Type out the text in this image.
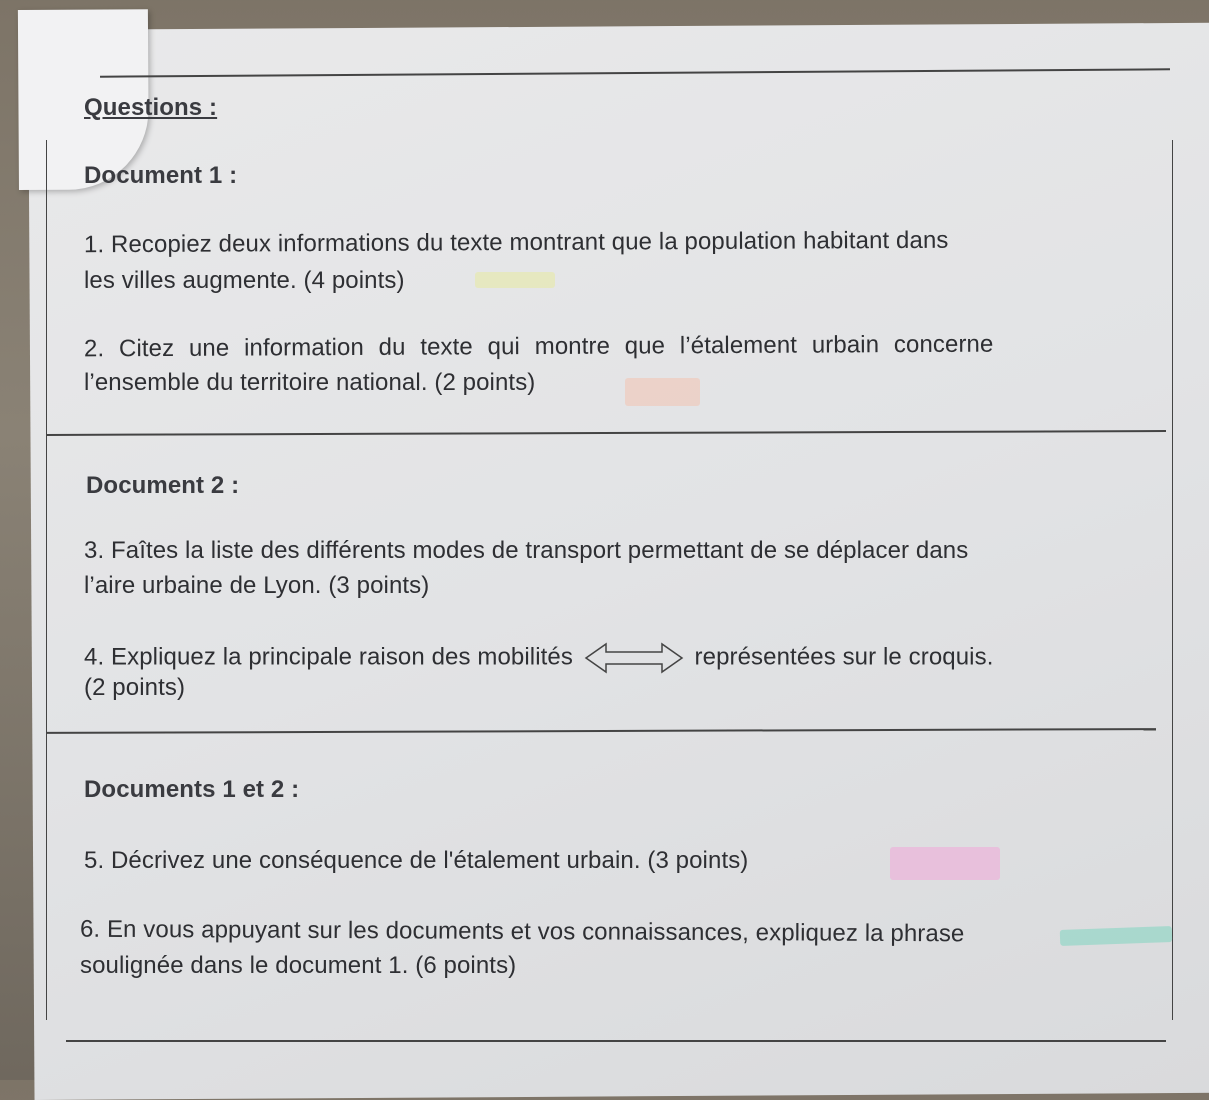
Questions :
Document 1 :
1. Recopiez deux informations du texte montrant que la population habitant dans
les villes augmente. (4 points)
2. Citez une information du texte qui montre que l’étalement urbain concerne
l’ensemble du territoire national. (2 points)
Document 2 :
3. Faîtes la liste des différents modes de transport permettant de se déplacer dans
l’aire urbaine de Lyon. (3 points)
4. Expliquez la principale raison des mobilités	représentées sur le croquis.
(2 points)
Documents 1 et 2 :
5. Décrivez une conséquence de l'étalement urbain. (3 points)
6. En vous appuyant sur les documents et vos connaissances, expliquez la phrase
soulignée dans le document 1. (6 points)
